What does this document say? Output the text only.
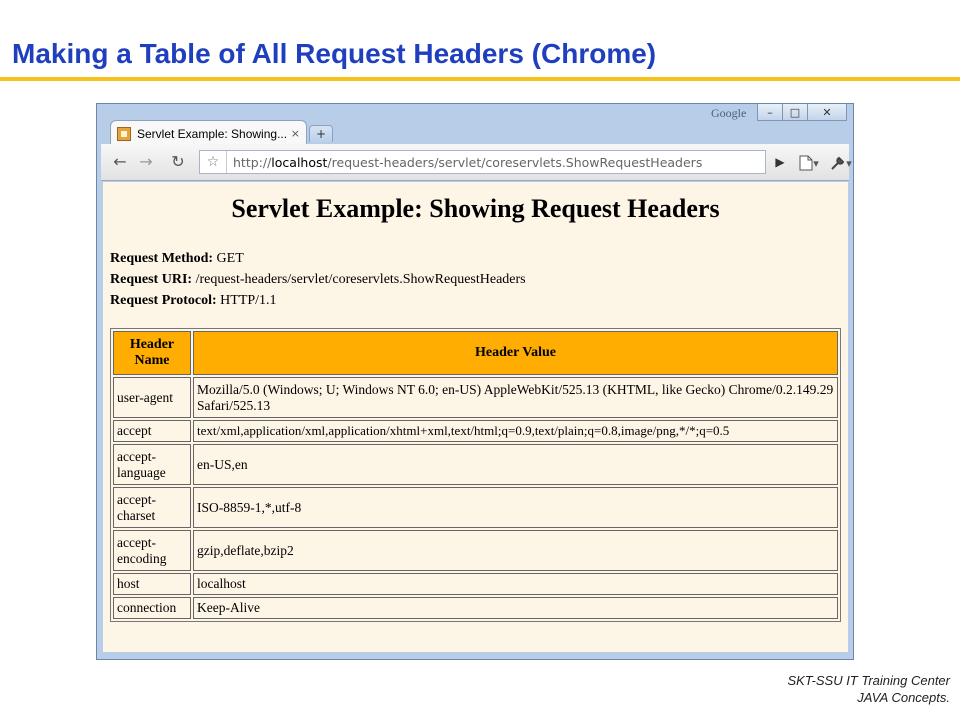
Making a Table of All Request Headers (Chrome)
Google	–	□	✕
Servlet Example: Showing... ×	+
← → ↻	☆	http://localhost/request-headers/servlet/coreservlets.ShowRequestHeaders	▶	▾	▾
Servlet Example: Showing Request Headers
Request Method: GET
Request URI: /request-headers/servlet/coreservlets.ShowRequestHeaders
Request Protocol: HTTP/1.1
Header
Name	Header Value
user-agent	Mozilla/5.0 (Windows; U; Windows NT 6.0; en-US) AppleWebKit/525.13 (KHTML, like Gecko) Chrome/0.2.149.29 Safari/525.13
accept	text/xml,application/xml,application/xhtml+xml,text/html;q=0.9,text/plain;q=0.8,image/png,*/*;q=0.5
accept-language	en-US,en
accept-charset	ISO-8859-1,*,utf-8
accept-encoding	gzip,deflate,bzip2
host	localhost
connection	Keep-Alive
SKT-SSU IT Training Center
JAVA Concepts.
